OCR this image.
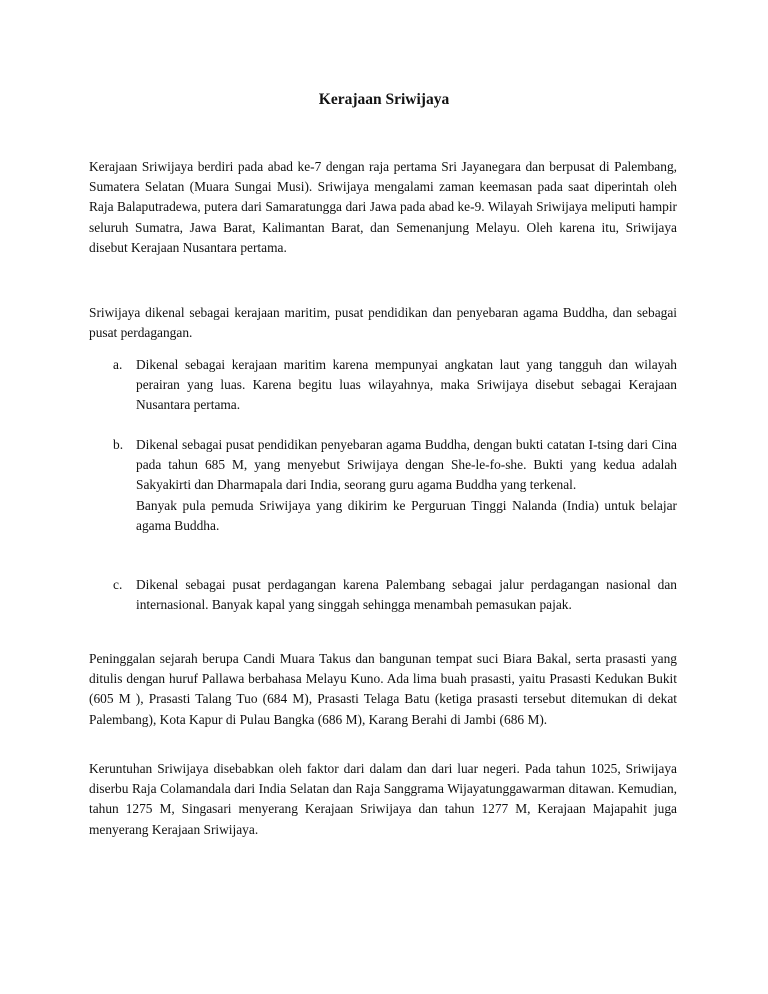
Kerajaan Sriwijaya

Kerajaan Sriwijaya berdiri pada abad ke-7 dengan raja pertama Sri Jayanegara dan berpusat di Palembang, Sumatera Selatan (Muara Sungai Musi). Sriwijaya mengalami zaman keemasan pada saat diperintah oleh Raja Balaputradewa, putera dari Samaratungga dari Jawa pada abad ke-9. Wilayah Sriwijaya meliputi hampir seluruh Sumatra, Jawa Barat, Kalimantan Barat, dan Semenanjung Melayu. Oleh karena itu, Sriwijaya disebut Kerajaan Nusantara pertama.

Sriwijaya dikenal sebagai kerajaan maritim, pusat pendidikan dan penyebaran agama Buddha, dan sebagai pusat perdagangan.

a. Dikenal sebagai kerajaan maritim karena mempunyai angkatan laut yang tangguh dan wilayah perairan yang luas. Karena begitu luas wilayahnya, maka Sriwijaya disebut sebagai Kerajaan Nusantara pertama.

b. Dikenal sebagai pusat pendidikan penyebaran agama Buddha, dengan bukti catatan I-tsing dari Cina pada tahun 685 M, yang menyebut Sriwijaya dengan She-le-fo-she. Bukti yang kedua adalah Sakyakirti dan Dharmapala dari India, seorang guru agama Buddha yang terkenal.

Banyak pula pemuda Sriwijaya yang dikirim ke Perguruan Tinggi Nalanda (India) untuk belajar agama Buddha.

c. Dikenal sebagai pusat perdagangan karena Palembang sebagai jalur perdagangan nasional dan internasional. Banyak kapal yang singgah sehingga menambah pemasukan pajak.

Peninggalan sejarah berupa Candi Muara Takus dan bangunan tempat suci Biara Bakal, serta prasasti yang ditulis dengan huruf Pallawa berbahasa Melayu Kuno. Ada lima buah prasasti, yaitu Prasasti Kedukan Bukit (605 M ), Prasasti Talang Tuo (684 M), Prasasti Telaga Batu (ketiga prasasti tersebut ditemukan di dekat Palembang), Kota Kapur di Pulau Bangka (686 M), Karang Berahi di Jambi (686 M).

Keruntuhan Sriwijaya disebabkan oleh faktor dari dalam dan dari luar negeri. Pada tahun 1025, Sriwijaya diserbu Raja Colamandala dari India Selatan dan Raja Sanggrama Wijayatunggawarman ditawan. Kemudian, tahun 1275 M, Singasari menyerang Kerajaan Sriwijaya dan tahun 1277 M, Kerajaan Majapahit juga menyerang Kerajaan Sriwijaya.
